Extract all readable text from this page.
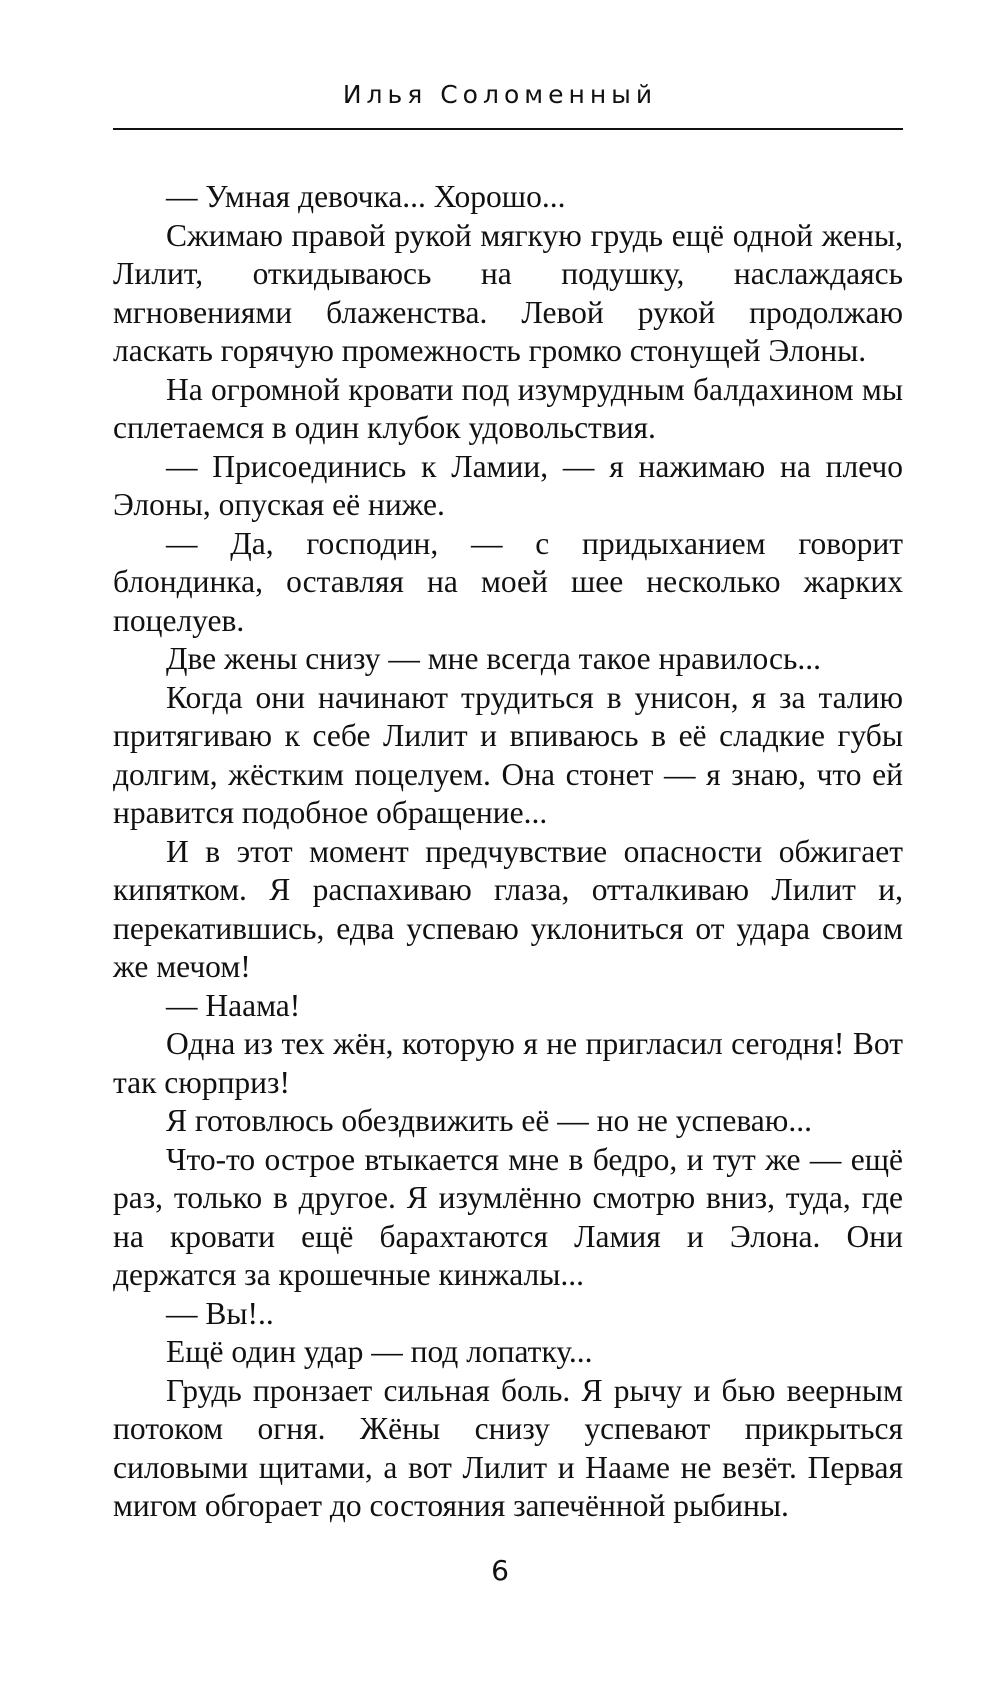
Илья Соломенный

— Умная девочка... Хорошо...

Сжимаю правой рукой мягкую грудь ещё одной жены, Лилит, откидываюсь на подушку, наслаждаясь мгновениями блаженства. Левой рукой продолжаю ласкать горячую промежность громко стонущей Элоны.

На огромной кровати под изумрудным балдахином мы сплетаемся в один клубок удовольствия.

— Присоединись к Ламии, — я нажимаю на плечо Элоны, опуская её ниже.

— Да, господин, — с придыханием говорит блондинка, оставляя на моей шее несколько жарких поцелуев.

Две жены снизу — мне всегда такое нравилось...

Когда они начинают трудиться в унисон, я за талию притягиваю к себе Лилит и впиваюсь в её сладкие губы долгим, жёстким поцелуем. Она стонет — я знаю, что ей нравится подобное обращение...

И в этот момент предчувствие опасности обжигает кипятком. Я распахиваю глаза, отталкиваю Лилит и, перекатившись, едва успеваю уклониться от удара своим же мечом!

— Наама!

Одна из тех жён, которую я не пригласил сегодня! Вот так сюрприз!

Я готовлюсь обездвижить её — но не успеваю...

Что-то острое втыкается мне в бедро, и тут же — ещё раз, только в другое. Я изумлённо смотрю вниз, туда, где на кровати ещё барахтаются Ламия и Элона. Они держатся за крошечные кинжалы...

— Вы!..

Ещё один удар — под лопатку...

Грудь пронзает сильная боль. Я рычу и бью веерным потоком огня. Жёны снизу успевают прикрыться силовыми щитами, а вот Лилит и Нааме не везёт. Первая мигом обгорает до состояния запечённой рыбины.

6
